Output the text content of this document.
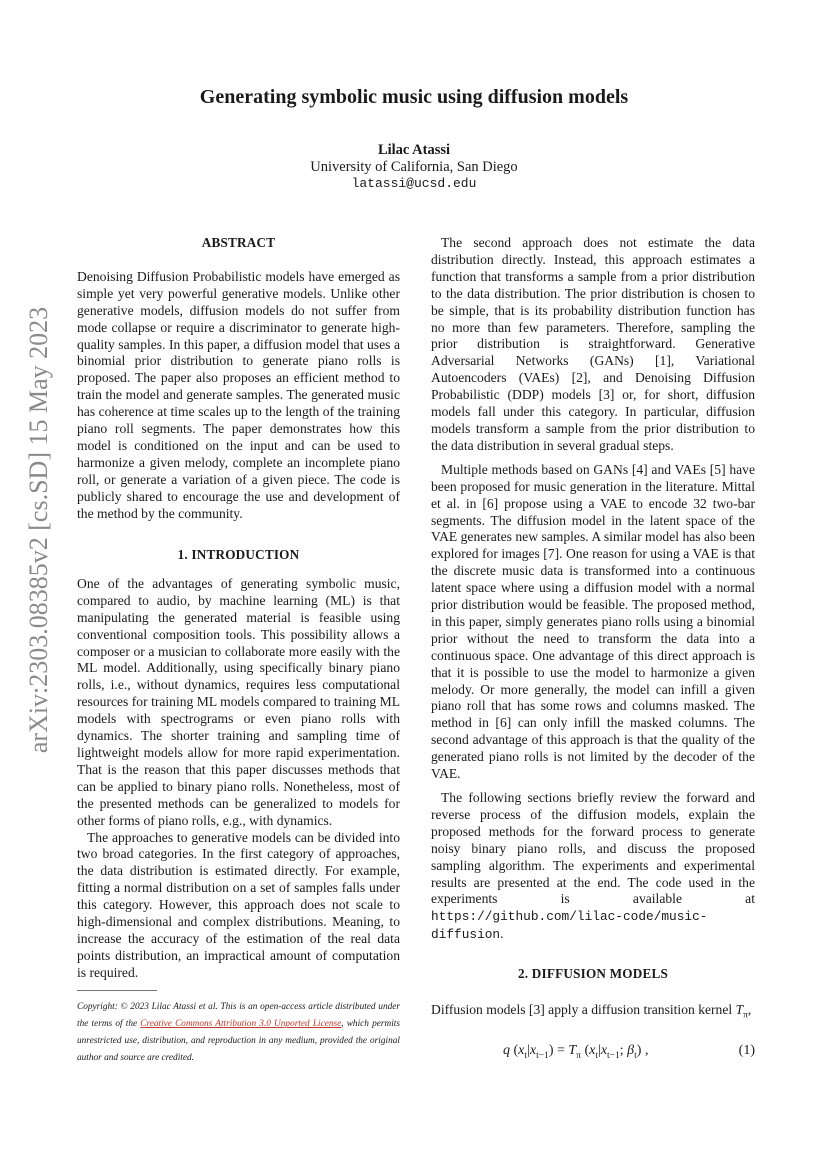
Generating symbolic music using diffusion models
Lilac Atassi
University of California, San Diego
latassi@ucsd.edu
arXiv:2303.08385v2 [cs.SD] 15 May 2023
ABSTRACT

Denoising Diffusion Probabilistic models have emerged as simple yet very powerful generative models. Unlike other generative models, diffusion models do not suffer from mode collapse or require a discriminator to generate high-quality samples. In this paper, a diffusion model that uses a binomial prior distribution to generate piano rolls is proposed. The paper also proposes an efficient method to train the model and generate samples. The generated music has coherence at time scales up to the length of the training piano roll segments. The paper demonstrates how this model is conditioned on the input and can be used to harmonize a given melody, complete an incomplete piano roll, or generate a variation of a given piece. The code is publicly shared to encourage the use and development of the method by the community.

1. INTRODUCTION

One of the advantages of generating symbolic music, compared to audio, by machine learning (ML) is that manipulating the generated material is feasible using conventional composition tools. This possibility allows a composer or a musician to collaborate more easily with the ML model. Additionally, using specifically binary piano rolls, i.e., without dynamics, requires less computational resources for training ML models compared to training ML models with spectrograms or even piano rolls with dynamics. The shorter training and sampling time of lightweight models allow for more rapid experimentation. That is the reason that this paper discusses methods that can be applied to binary piano rolls. Nonetheless, most of the presented methods can be generalized to models for other forms of piano rolls, e.g., with dynamics.

The approaches to generative models can be divided into two broad categories. In the first category of approaches, the data distribution is estimated directly. For example, fitting a normal distribution on a set of samples falls under this category. However, this approach does not scale to high-dimensional and complex distributions. Meaning, to increase the accuracy of the estimation of the real data points distribution, an impractical amount of computation is required.

Copyright: © 2023 Lilac Atassi et al. This is an open-access article distributed under the terms of the Creative Commons Attribution 3.0 Unported License, which permits unrestricted use, distribution, and reproduction in any medium, provided the original author and source are credited.

The second approach does not estimate the data distribution directly. Instead, this approach estimates a function that transforms a sample from a prior distribution to the data distribution. The prior distribution is chosen to be simple, that is its probability distribution function has no more than few parameters. Therefore, sampling the prior distribution is straightforward. Generative Adversarial Networks (GANs) [1], Variational Autoencoders (VAEs) [2], and Denoising Diffusion Probabilistic (DDP) models [3] or, for short, diffusion models fall under this category. In particular, diffusion models transform a sample from the prior distribution to the data distribution in several gradual steps.

Multiple methods based on GANs [4] and VAEs [5] have been proposed for music generation in the literature. Mittal et al. in [6] propose using a VAE to encode 32 two-bar segments. The diffusion model in the latent space of the VAE generates new samples. A similar model has also been explored for images [7]. One reason for using a VAE is that the discrete music data is transformed into a continuous latent space where using a diffusion model with a normal prior distribution would be feasible. The proposed method, in this paper, simply generates piano rolls using a binomial prior without the need to transform the data into a continuous space. One advantage of this direct approach is that it is possible to use the model to harmonize a given melody. Or more generally, the model can infill a given piano roll that has some rows and columns masked. The method in [6] can only infill the masked columns. The second advantage of this approach is that the quality of the generated piano rolls is not limited by the decoder of the VAE.

The following sections briefly review the forward and reverse process of the diffusion models, explain the proposed methods for the forward process to generate noisy binary piano rolls, and discuss the proposed sampling algorithm. The experiments and experimental results are presented at the end. The code used in the experiments is available at https://github.com/lilac-code/music-diffusion.

2. DIFFUSION MODELS

Diffusion models [3] apply a diffusion transition kernel $T_\pi$,

q $(x_t|x_{t-1}) = T_\pi$ ($x_t|x_{t-1}$; $\beta_t$) ,	(1)
